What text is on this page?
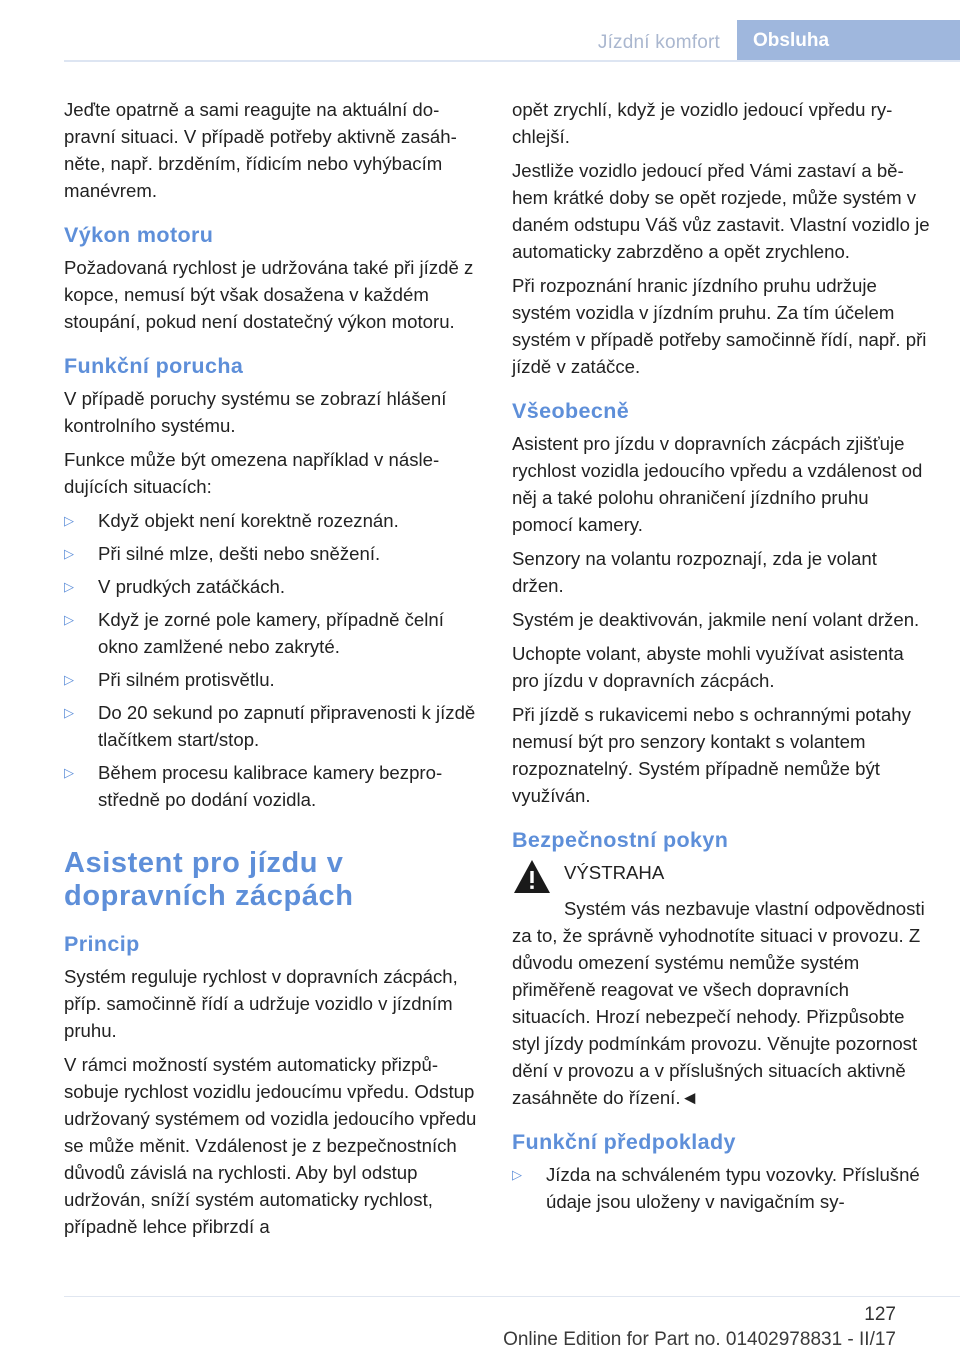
Jízdní komfort	Obsluha

Jeďte opatrně a sami reagujte na aktuální dopravní situaci. V případě potřeby aktivně zasáhněte, např. brzděním, řídicím nebo vyhýbacím manévrem.

Výkon motoru

Požadovaná rychlost je udržována také při jízdě z kopce, nemusí být však dosažena v každém stoupání, pokud není dostatečný výkon motoru.

Funkční porucha

V případě poruchy systému se zobrazí hlášení kontrolního systému.

Funkce může být omezena například v následujících situacích:

▷ Když objekt není korektně rozeznán.
▷ Při silné mlze, dešti nebo sněžení.
▷ V prudkých zatáčkách.
▷ Když je zorné pole kamery, případně čelní okno zamlžené nebo zakryté.
▷ Při silném protisvětlu.
▷ Do 20 sekund po zapnutí připravenosti k jízdě tlačítkem start/stop.
▷ Během procesu kalibrace kamery bezprostředně po dodání vozidla.
Asistent pro jízdu v dopravních zácpách
Princip

Systém reguluje rychlost v dopravních zácpách, příp. samočinně řídí a udržuje vozidlo v jízdním pruhu.

V rámci možností systém automaticky přizpůsobuje rychlost vozidlu jedoucímu vpředu. Odstup udržovaný systémem od vozidla jedoucího vpředu se může měnit. Vzdálenost je z bezpečnostních důvodů závislá na rychlosti. Aby byl odstup udržován, sníží systém automaticky rychlost, případně lehce přibrzdí a

opět zrychlí, když je vozidlo jedoucí vpředu rychlejší.

Jestliže vozidlo jedoucí před Vámi zastaví a během krátké doby se opět rozjede, může systém v daném odstupu Váš vůz zastavit. Vlastní vozidlo je automaticky zabrzděno a opět zrychleno.

Při rozpoznání hranic jízdního pruhu udržuje systém vozidla v jízdním pruhu. Za tím účelem systém v případě potřeby samočinně řídí, např. při jízdě v zatáčce.

Všeobecně

Asistent pro jízdu v dopravních zácpách zjišťuje rychlost vozidla jedoucího vpředu a vzdálenost od něj a také polohu ohraničení jízdního pruhu pomocí kamery.

Senzory na volantu rozpoznají, zda je volant držen.

Systém je deaktivován, jakmile není volant držen.

Uchopte volant, abyste mohli využívat asistenta pro jízdu v dopravních zácpách.

Při jízdě s rukavicemi nebo s ochrannými potahy nemusí být pro senzory kontakt s volantem rozpoznatelný. Systém případně nemůže být využíván.

Bezpečnostní pokyn
VÝSTRAHA

Systém vás nezbavuje vlastní odpovědnosti za to, že správně vyhodnotíte situaci v provozu. Z důvodu omezení systému nemůže systém přiměřeně reagovat ve všech dopravních situacích. Hrozí nebezpečí nehody. Přizpůsobte styl jízdy podmínkám provozu. Věnujte pozornost dění v provozu a v příslušných situacích aktivně zasáhněte do řízení.◄

Funkční předpoklady
▷ Jízda na schváleném typu vozovky. Příslušné údaje jsou uloženy v navigačním sy-
127
Online Edition for Part no. 01402978831 - II/17
